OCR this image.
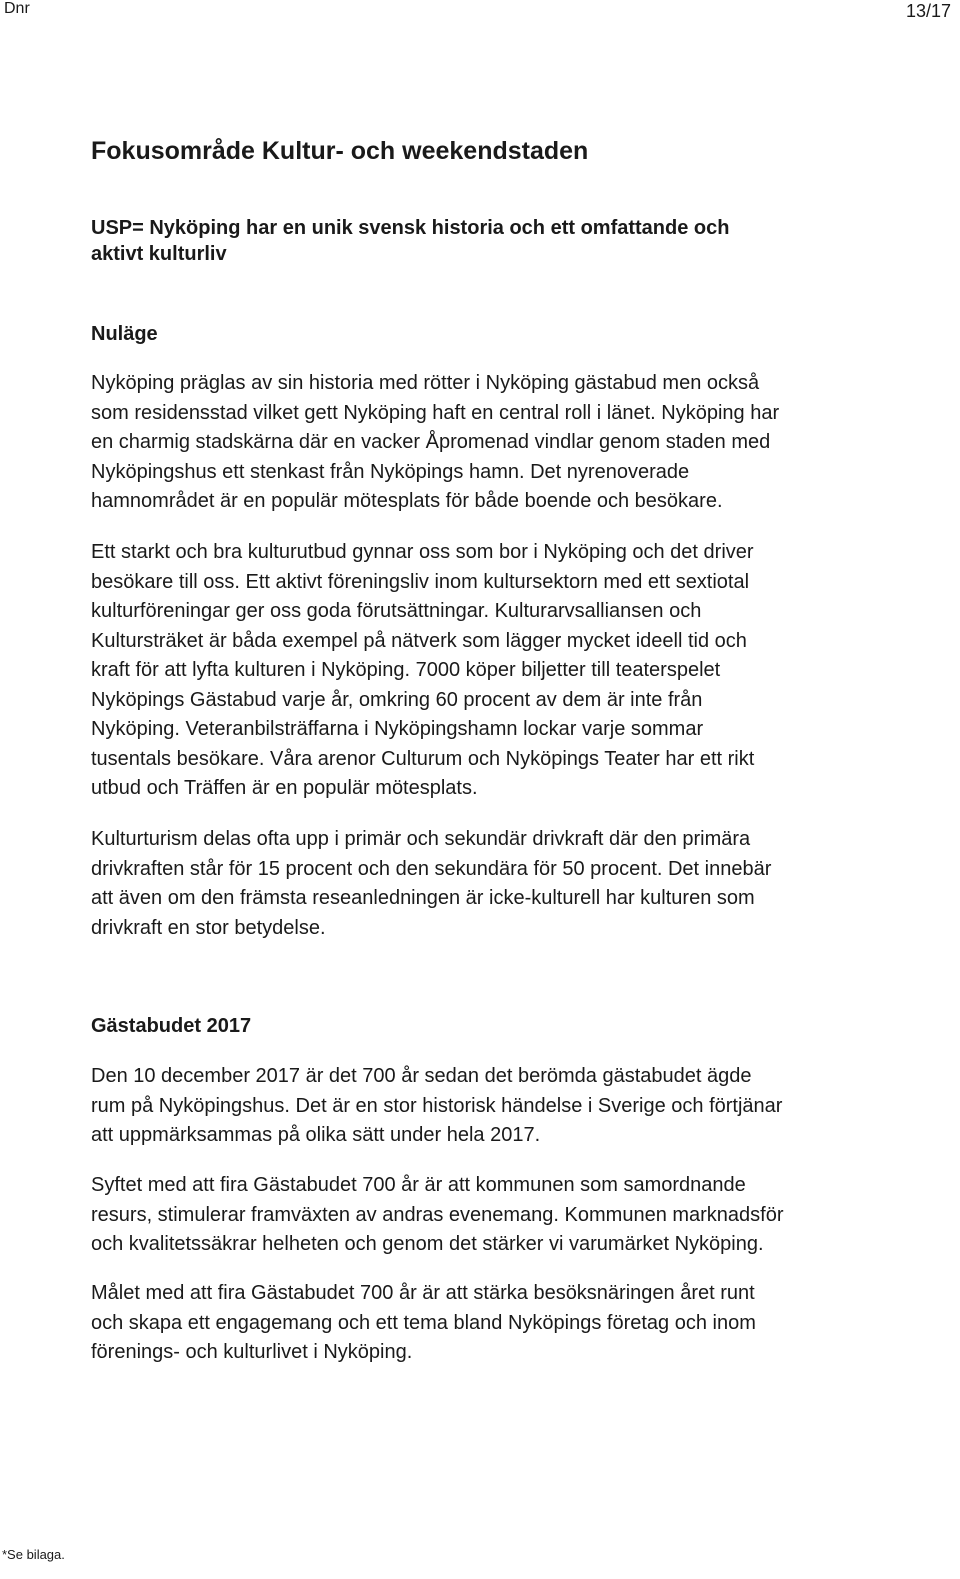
Dnr	13/17
Fokusområde Kultur- och weekendstaden
USP= Nyköping har en unik svensk historia och ett omfattande och
aktivt kulturliv
Nuläge
Nyköping präglas av sin historia med rötter i Nyköping gästabud men också
som residensstad vilket gett Nyköping haft en central roll i länet. Nyköping har
en charmig stadskärna där en vacker Åpromenad vindlar genom staden med
Nyköpingshus ett stenkast från Nyköpings hamn. Det nyrenoverade
hamnområdet är en populär mötesplats för både boende och besökare.
Ett starkt och bra kulturutbud gynnar oss som bor i Nyköping och det driver
besökare till oss. Ett aktivt föreningsliv inom kultursektorn med ett sextiotal
kulturföreningar ger oss goda förutsättningar. Kulturarvsalliansen och
Kultursträket är båda exempel på nätverk som lägger mycket ideell tid och
kraft för att lyfta kulturen i Nyköping. 7000 köper biljetter till teaterspelet
Nyköpings Gästabud varje år, omkring 60 procent av dem är inte från
Nyköping. Veteranbilsträffarna i Nyköpingshamn lockar varje sommar
tusentals besökare. Våra arenor Culturum och Nyköpings Teater har ett rikt
utbud och Träffen är en populär mötesplats.
Kulturturism delas ofta upp i primär och sekundär drivkraft där den primära
drivkraften står för 15 procent och den sekundära för 50 procent. Det innebär
att även om den främsta reseanledningen är icke-kulturell har kulturen som
drivkraft en stor betydelse.
Gästabudet 2017
Den 10 december 2017 är det 700 år sedan det berömda gästabudet ägde
rum på Nyköpingshus. Det är en stor historisk händelse i Sverige och förtjänar
att uppmärksammas på olika sätt under hela 2017.
Syftet med att fira Gästabudet 700 år är att kommunen som samordnande
resurs, stimulerar framväxten av andras evenemang. Kommunen marknadsför
och kvalitetssäkrar helheten och genom det stärker vi varumärket Nyköping.
Målet med att fira Gästabudet 700 år är att stärka besöksnäringen året runt
och skapa ett engagemang och ett tema bland Nyköpings företag och inom
förenings- och kulturlivet i Nyköping.
*Se bilaga.
